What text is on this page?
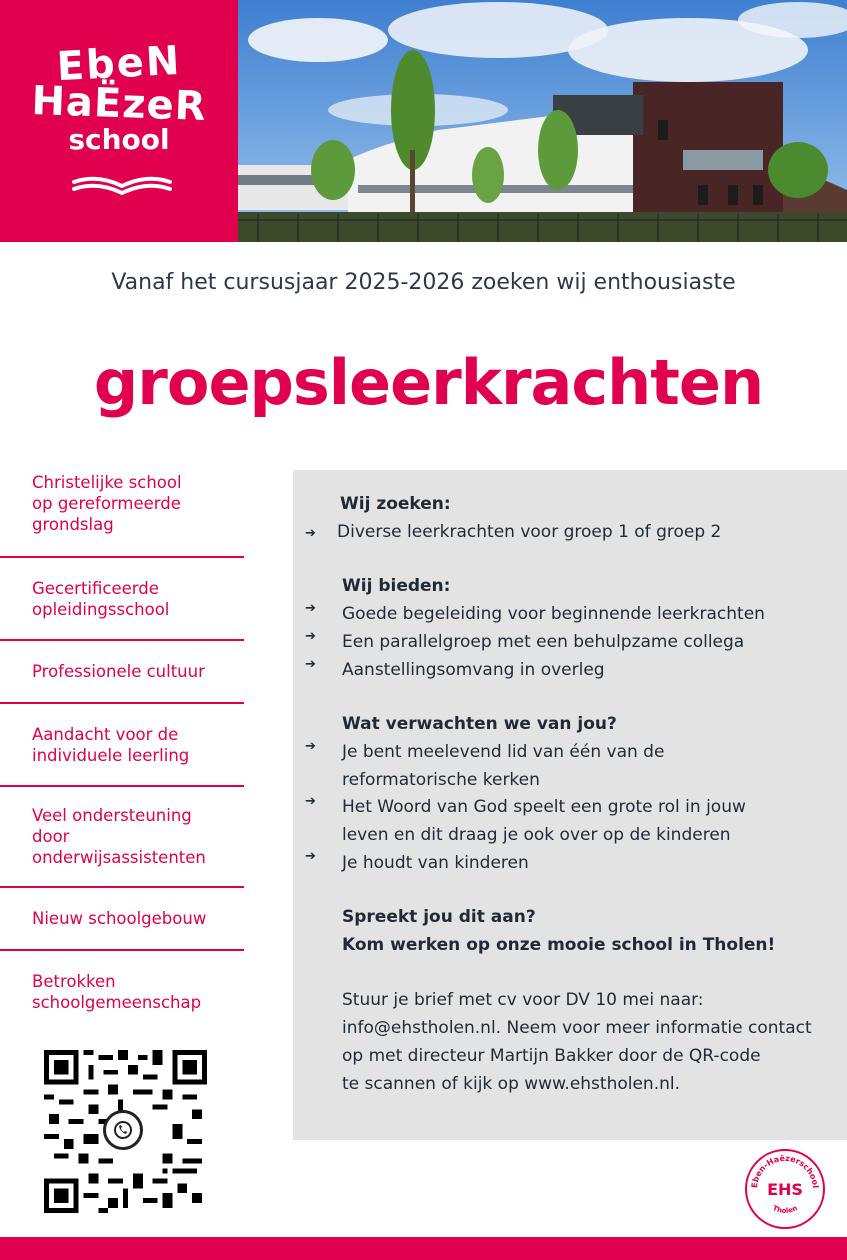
EbeN
HaËzeR
school
Vanaf het cursusjaar 2025-2026 zoeken wij enthousiaste
groepsleerkrachten
Christelijke school
op gereformeerde
grondslag
Gecertificeerde
opleidingsschool
Professionele cultuur
Aandacht voor de
individuele leerling
Veel ondersteuning
door
onderwijsassistenten
Nieuw schoolgebouw
Betrokken
schoolgemeenschap
Wij zoeken:
➔ Diverse leerkrachten voor groep 1 of groep 2
Wij bieden:
➔ Goede begeleiding voor beginnende leerkrachten
➔ Een parallelgroep met een behulpzame collega
➔ Aanstellingsomvang in overleg
Wat verwachten we van jou?
➔ Je bent meelevend lid van één van de
reformatorische kerken
➔ Het Woord van God speelt een grote rol in jouw
leven en dit draag je ook over op de kinderen
➔ Je houdt van kinderen
Spreekt jou dit aan?
Kom werken op onze mooie school in Tholen!
Stuur je brief met cv voor DV 10 mei naar:
info@ehstholen.nl. Neem voor meer informatie contact
op met directeur Martijn Bakker door de QR-code
te scannen of kijk op www.ehstholen.nl.
Eben-Haëzerschool
EHS
Tholen
